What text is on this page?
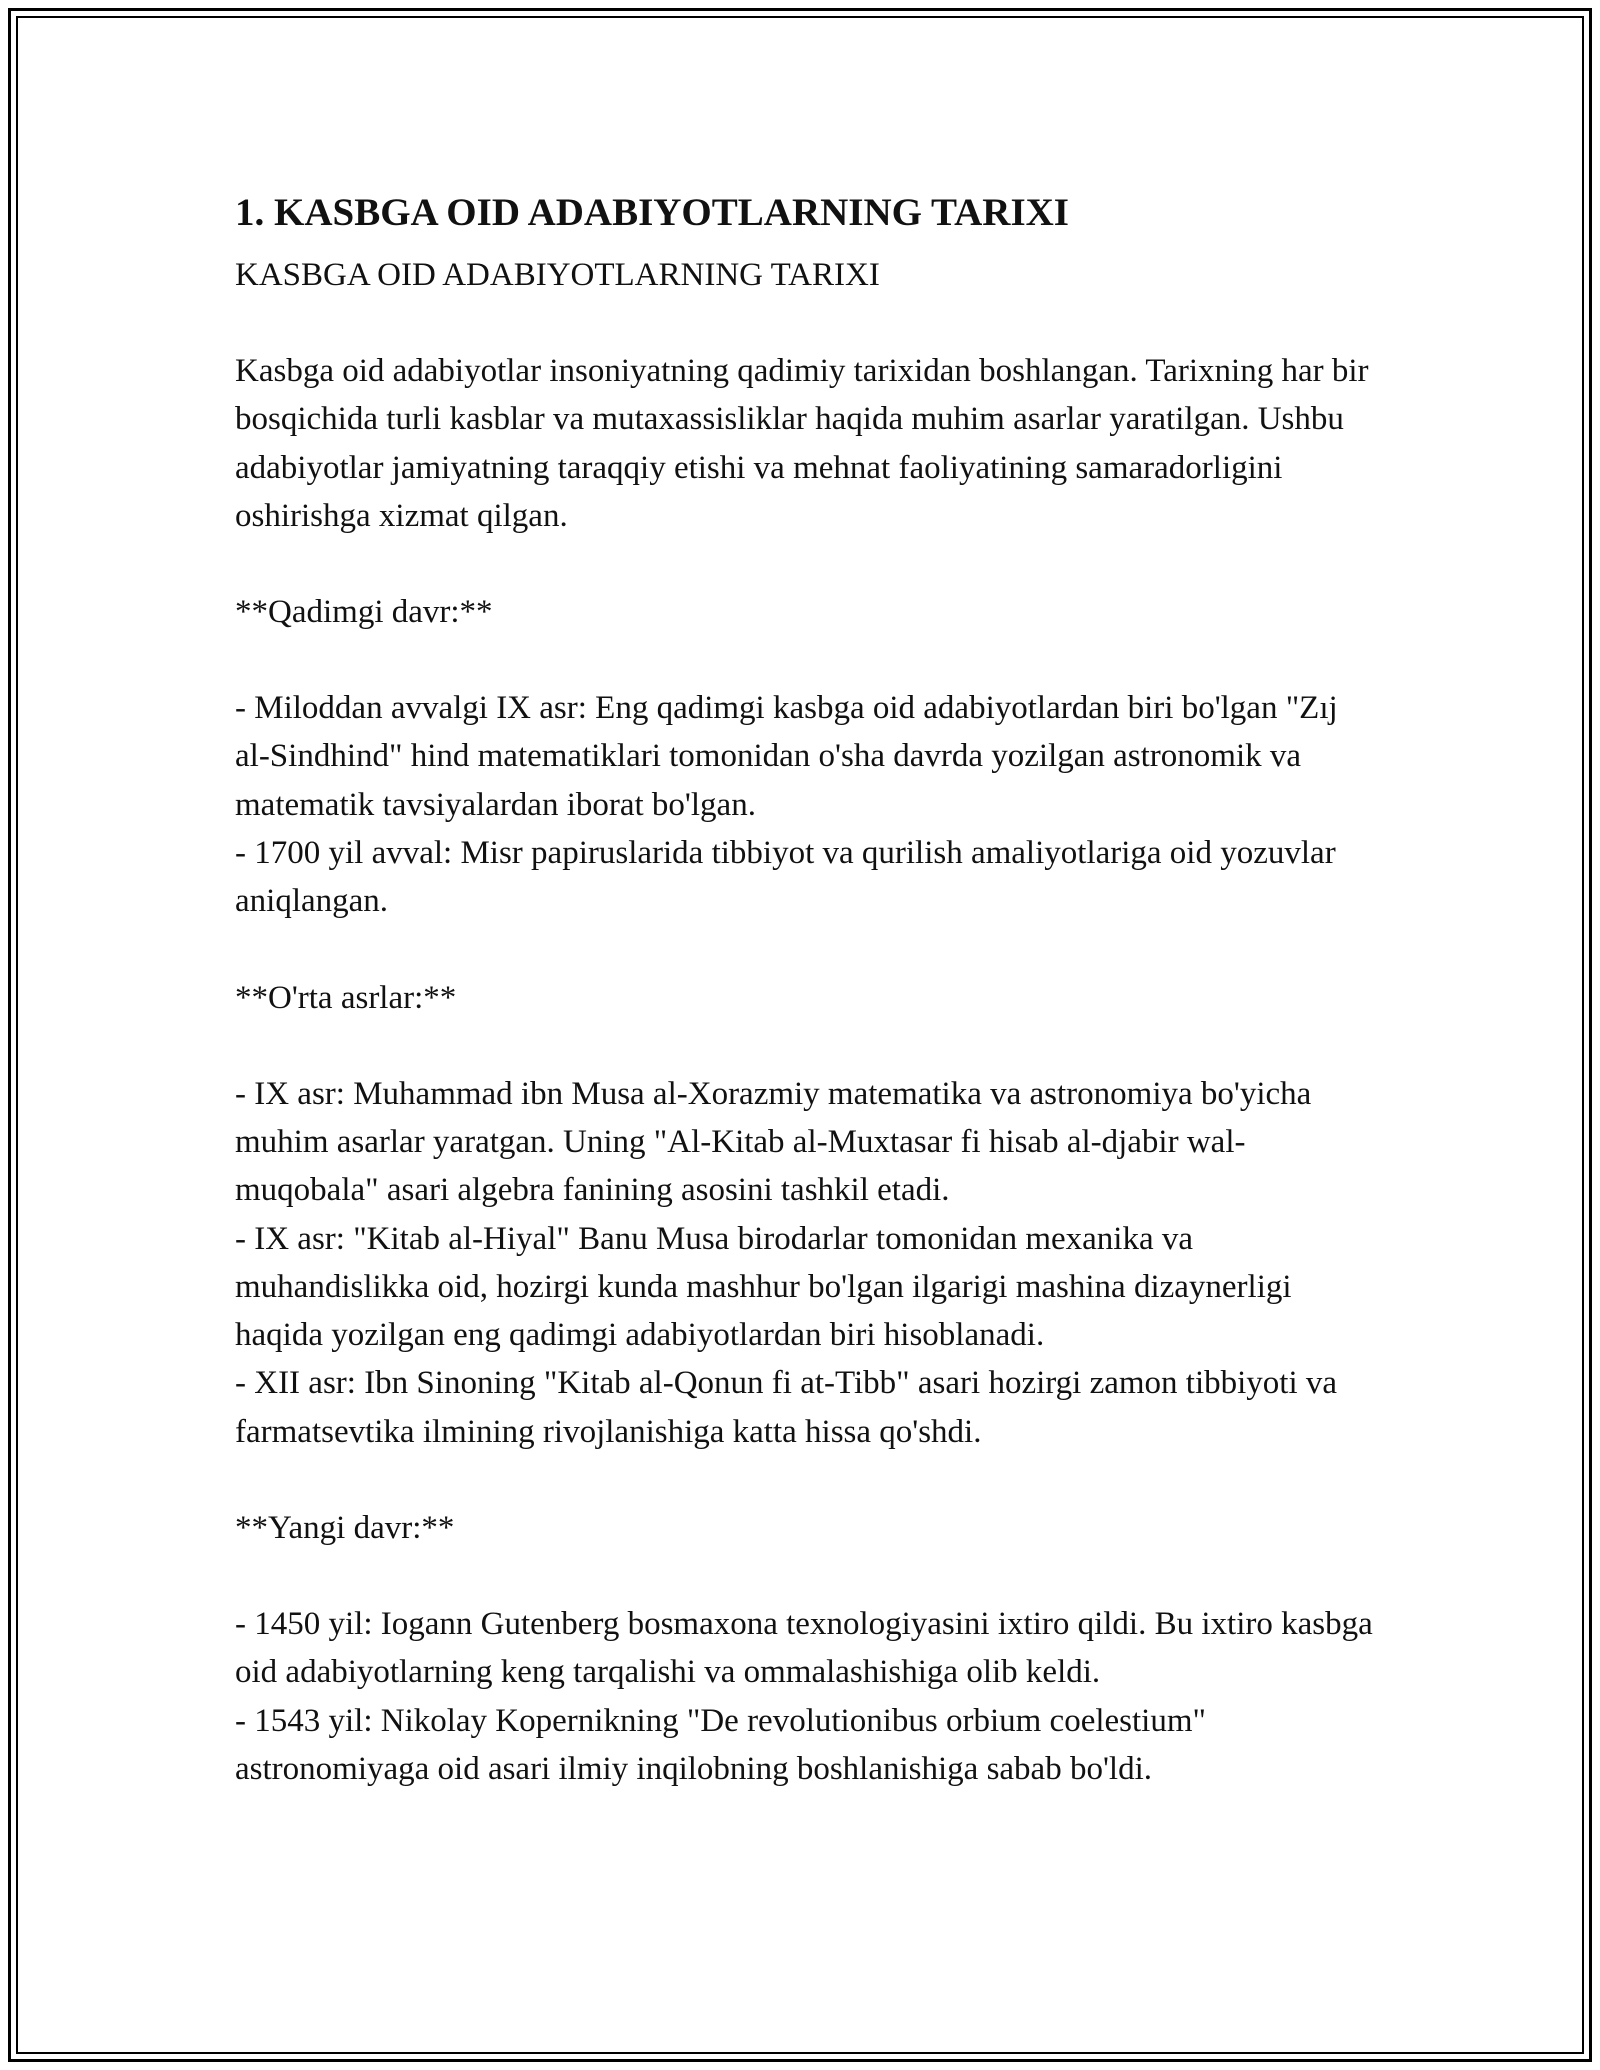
1. KASBGA OID ADABIYOTLARNING TARIXI
KASBGA OID ADABIYOTLARNING TARIXI
Kasbga oid adabiyotlar insoniyatning qadimiy tarixidan boshlangan. Tarixning har bir bosqichida turli kasblar va mutaxassisliklar haqida muhim asarlar yaratilgan. Ushbu adabiyotlar jamiyatning taraqqiy etishi va mehnat faoliyatining samaradorligini oshirishga xizmat qilgan.
**Qadimgi davr:**
- Miloddan avvalgi IX asr: Eng qadimgi kasbga oid adabiyotlardan biri bo'lgan "Zıj al-Sindhind" hind matematiklari tomonidan o'sha davrda yozilgan astronomik va matematik tavsiyalardan iborat bo'lgan.
- 1700 yil avval: Misr papiruslarida tibbiyot va qurilish amaliyotlariga oid yozuvlar aniqlangan.
**O'rta asrlar:**
- IX asr: Muhammad ibn Musa al-Xorazmiy matematika va astronomiya bo'yicha muhim asarlar yaratgan. Uning "Al-Kitab al-Muxtasar fi hisab al-djabir wal-muqobala" asari algebra fanining asosini tashkil etadi.
- IX asr: "Kitab al-Hiyal" Banu Musa birodarlar tomonidan mexanika va muhandislikka oid, hozirgi kunda mashhur bo'lgan ilgarigi mashina dizaynerligi haqida yozilgan eng qadimgi adabiyotlardan biri hisoblanadi.
- XII asr: Ibn Sinoning "Kitab al-Qonun fi at-Tibb" asari hozirgi zamon tibbiyoti va farmatsevtika ilmining rivojlanishiga katta hissa qo'shdi.
**Yangi davr:**
- 1450 yil: Iogann Gutenberg bosmaxona texnologiyasini ixtiro qildi. Bu ixtiro kasbga oid adabiyotlarning keng tarqalishi va ommalashishiga olib keldi.
- 1543 yil: Nikolay Kopernikning "De revolutionibus orbium coelestium" astronomiyaga oid asari ilmiy inqilobning boshlanishiga sabab bo'ldi.
